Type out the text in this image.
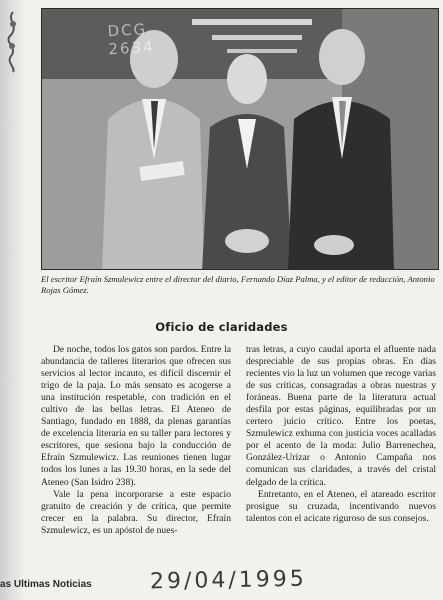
DCG
2634
El escritor Efraín Szmulewicz entre el director del diario, Fernando Díaz Palma, y el editor de redacción, Antonio Rojas Gómez.
Oficio de claridades

De noche, todos los gatos son pardos. Entre la abundancia de talleres literarios que ofrecen sus servicios al lector incauto, es difícil discernir el trigo de la paja. Lo más sensato es acogerse a una institución respetable, con tradición en el cultivo de las bellas letras. El Ateneo de Santiago, fundado en 1888, da plenas garantías de excelencia literaria en su taller para lectores y escritores, que sesiona bajo la conducción de Efraín Szmulewicz. Las reuniones tienen lugar todos los lunes a las 19.30 horas, en la sede del Ateneo (San Isidro 238).

Vale la pena incorporarse a este espacio gratuito de creación y de crítica, que permite crecer en la palabra. Su director, Efraín Szmulewicz, es un apóstol de nues-

tras letras, a cuyo caudal aporta el afluente nada despreciable de sus propias obras. En días recientes vio la luz un volumen que recoge varias de sus críticas, consagradas a obras nuestras y foráneas. Buena parte de la literatura actual desfila por estas páginas, equilibradas por un certero juicio crítico. Entre los poetas, Szmulewicz exhuma con justicia voces acalladas por el acento de la moda: Julio Barrenechea, González-Urízar o Antonio Campaña nos comunican sus claridades, a través del cristal delgado de la crítica.

Entretanto, en el Ateneo, el atareado escritor prosigue su cruzada, incentivando nuevos talentos con el acicate riguroso de sus consejos.

as Ultimas Noticias	29/04/1995
